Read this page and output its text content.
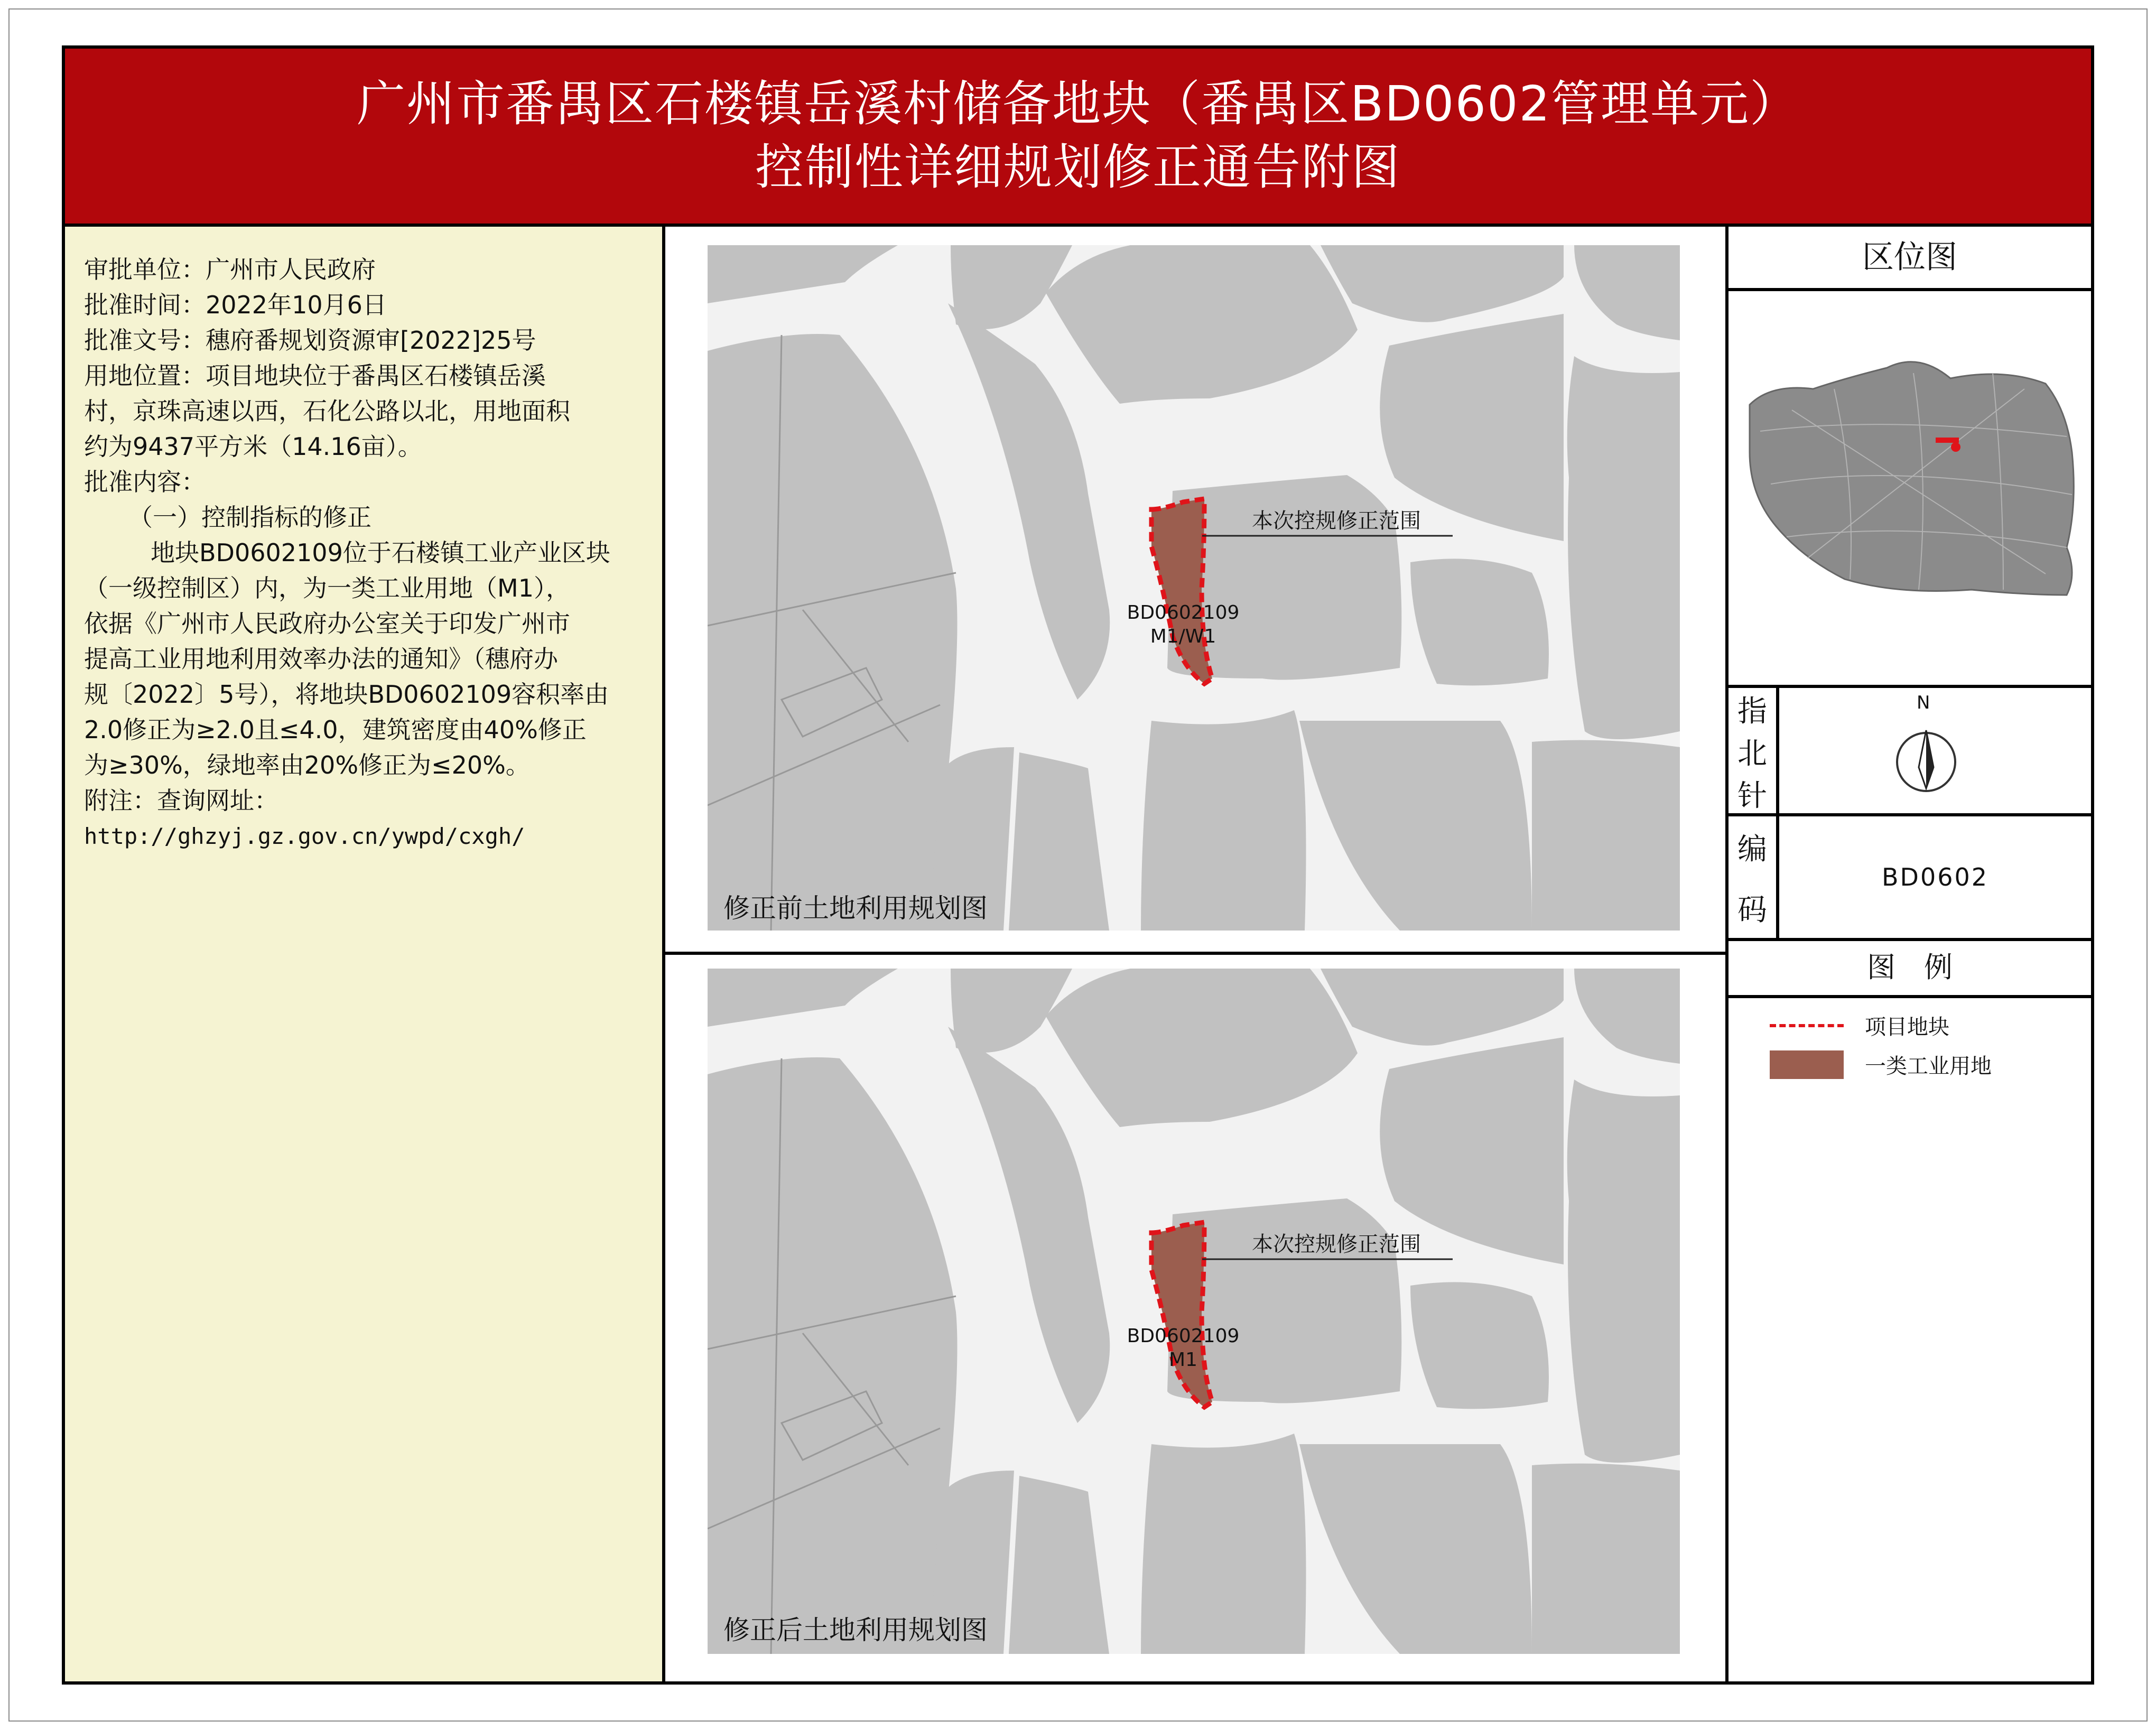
广州市番禺区石楼镇岳溪村储备地块（番禺区BD0602管理单元）
控制性详细规划修正通告附图
审批单位：广州市人民政府
批准时间：2022年10月6日
批准文号：穗府番规划资源审[2022]25号
用地位置：项目地块位于番禺区石楼镇岳溪
村，京珠高速以西，石化公路以北，用地面积
约为9437平方米（14.16亩）。
批准内容：
（一）控制指标的修正
地块BD0602109位于石楼镇工业产业区块
（一级控制区）内，为一类工业用地（M1），
依据《广州市人民政府办公室关于印发广州市
提高工业用地利用效率办法的通知》（穗府办
规〔2022〕5号），将地块BD0602109容积率由
2.0修正为≥2.0且≤4.0，建筑密度由40%修正
为≥30%，绿地率由20%修正为≤20%。
附注：查询网址：
http://ghzyj.gz.gov.cn/ywpd/cxgh/
本次控规修正范围
BD0602109
M1/W1
修正前土地利用规划图
本次控规修正范围
BD0602109
M1
修正后土地利用规划图
区位图
指
北
针
N
编
码
BD0602
图　例
项目地块
一类工业用地
